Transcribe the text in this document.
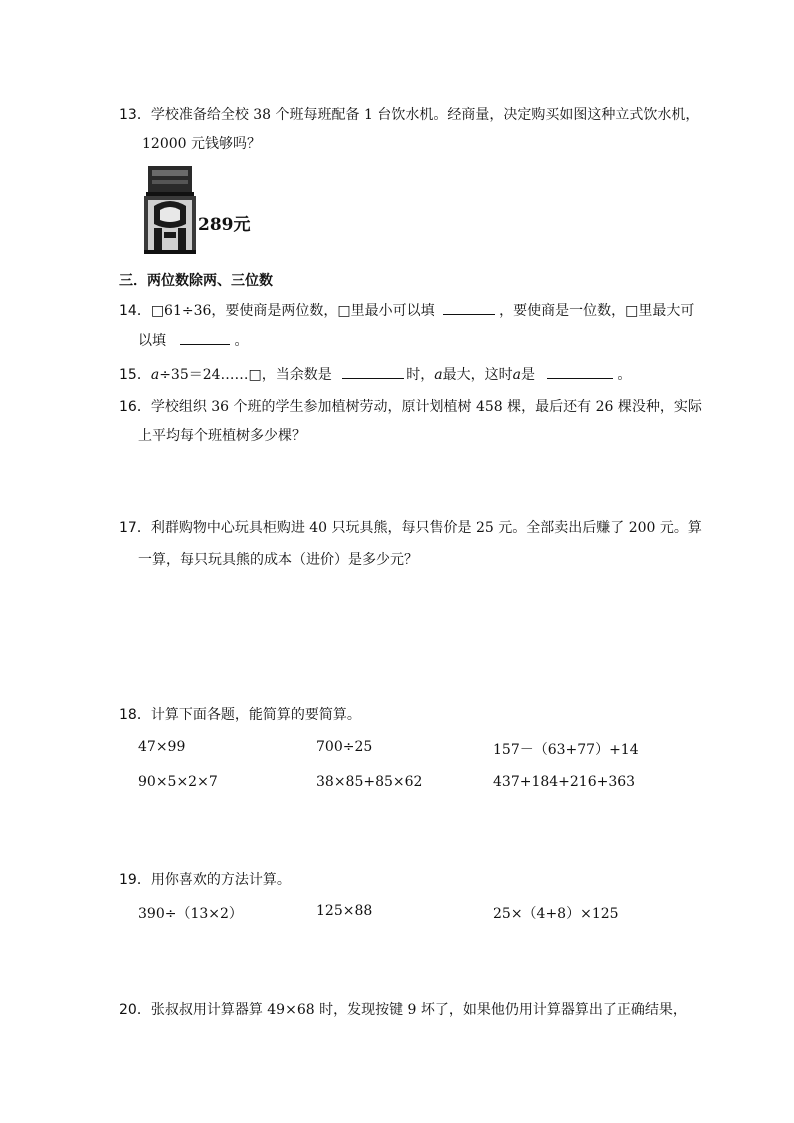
13．学校准备给全校 38 个班每班配备 1 台饮水机。经商量，决定购买如图这种立式饮水机，
12000 元钱够吗？
289元
三．两位数除两、三位数
14．□61÷36，要使商是两位数，□里最小可以填	，要使商是一位数，□里最大可
以填	。
15．a÷35＝24……□，当余数是	时，a最大，这时a是	。
16．学校组织 36 个班的学生参加植树劳动，原计划植树 458 棵，最后还有 26 棵没种，实际
上平均每个班植树多少棵？
17．利群购物中心玩具柜购进 40 只玩具熊，每只售价是 25 元。全部卖出后赚了 200 元。算
一算，每只玩具熊的成本（进价）是多少元？
18．计算下面各题，能简算的要简算。
47×99	700÷25	157－（63+77）+14
90×5×2×7	38×85+85×62	437+184+216+363
19．用你喜欢的方法计算。
390÷（13×2）	125×88	25×（4+8）×125
20．张叔叔用计算器算 49×68 时，发现按键 9 坏了，如果他仍用计算器算出了正确结果，
